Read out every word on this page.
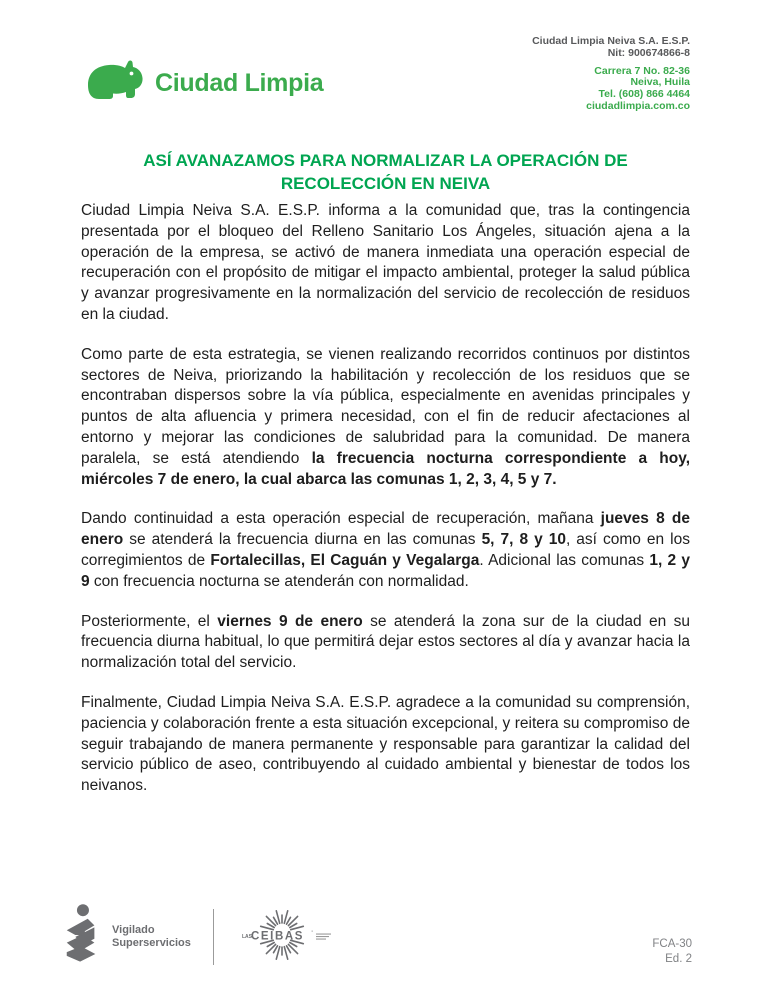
Ciudad Limpia
Ciudad Limpia Neiva S.A. E.S.P.
Nit: 900674866-8
Carrera 7 No. 82-36
Neiva, Huila
Tel. (608) 866 4464
ciudadlimpia.com.co
ASÍ AVANAZAMOS PARA NORMALIZAR LA OPERACIÓN DE
RECOLECCIÓN EN NEIVA

Ciudad Limpia Neiva S.A. E.S.P. informa a la comunidad que, tras la contingencia presentada por el bloqueo del Relleno Sanitario Los Ángeles, situación ajena a la operación de la empresa, se activó de manera inmediata una operación especial de recuperación con el propósito de mitigar el impacto ambiental, proteger la salud pública y avanzar progresivamente en la normalización del servicio de recolección de residuos en la ciudad.

Como parte de esta estrategia, se vienen realizando recorridos continuos por distintos sectores de Neiva, priorizando la habilitación y recolección de los residuos que se encontraban dispersos sobre la vía pública, especialmente en avenidas principales y puntos de alta afluencia y primera necesidad, con el fin de reducir afectaciones al entorno y mejorar las condiciones de salubridad para la comunidad. De manera paralela, se está atendiendo la frecuencia nocturna correspondiente a hoy, miércoles 7 de enero, la cual abarca las comunas 1, 2, 3, 4, 5 y 7.

Dando continuidad a esta operación especial de recuperación, mañana jueves 8 de enero se atenderá la frecuencia diurna en las comunas 5, 7, 8 y 10, así como en los corregimientos de Fortalecillas, El Caguán y Vegalarga. Adicional las comunas 1, 2 y 9 con frecuencia nocturna se atenderán con normalidad.

Posteriormente, el viernes 9 de enero se atenderá la zona sur de la ciudad en su frecuencia diurna habitual, lo que permitirá dejar estos sectores al día y avanzar hacia la normalización total del servicio.

Finalmente, Ciudad Limpia Neiva S.A. E.S.P. agradece a la comunidad su comprensión, paciencia y colaboración frente a esta situación excepcional, y reitera su compromiso de seguir trabajando de manera permanente y responsable para garantizar la calidad del servicio público de aseo, contribuyendo al cuidado ambiental y bienestar de todos los neivanos.

Vigilado
Superservicios	LAS CEIBAS '
FCA-30
Ed. 2
